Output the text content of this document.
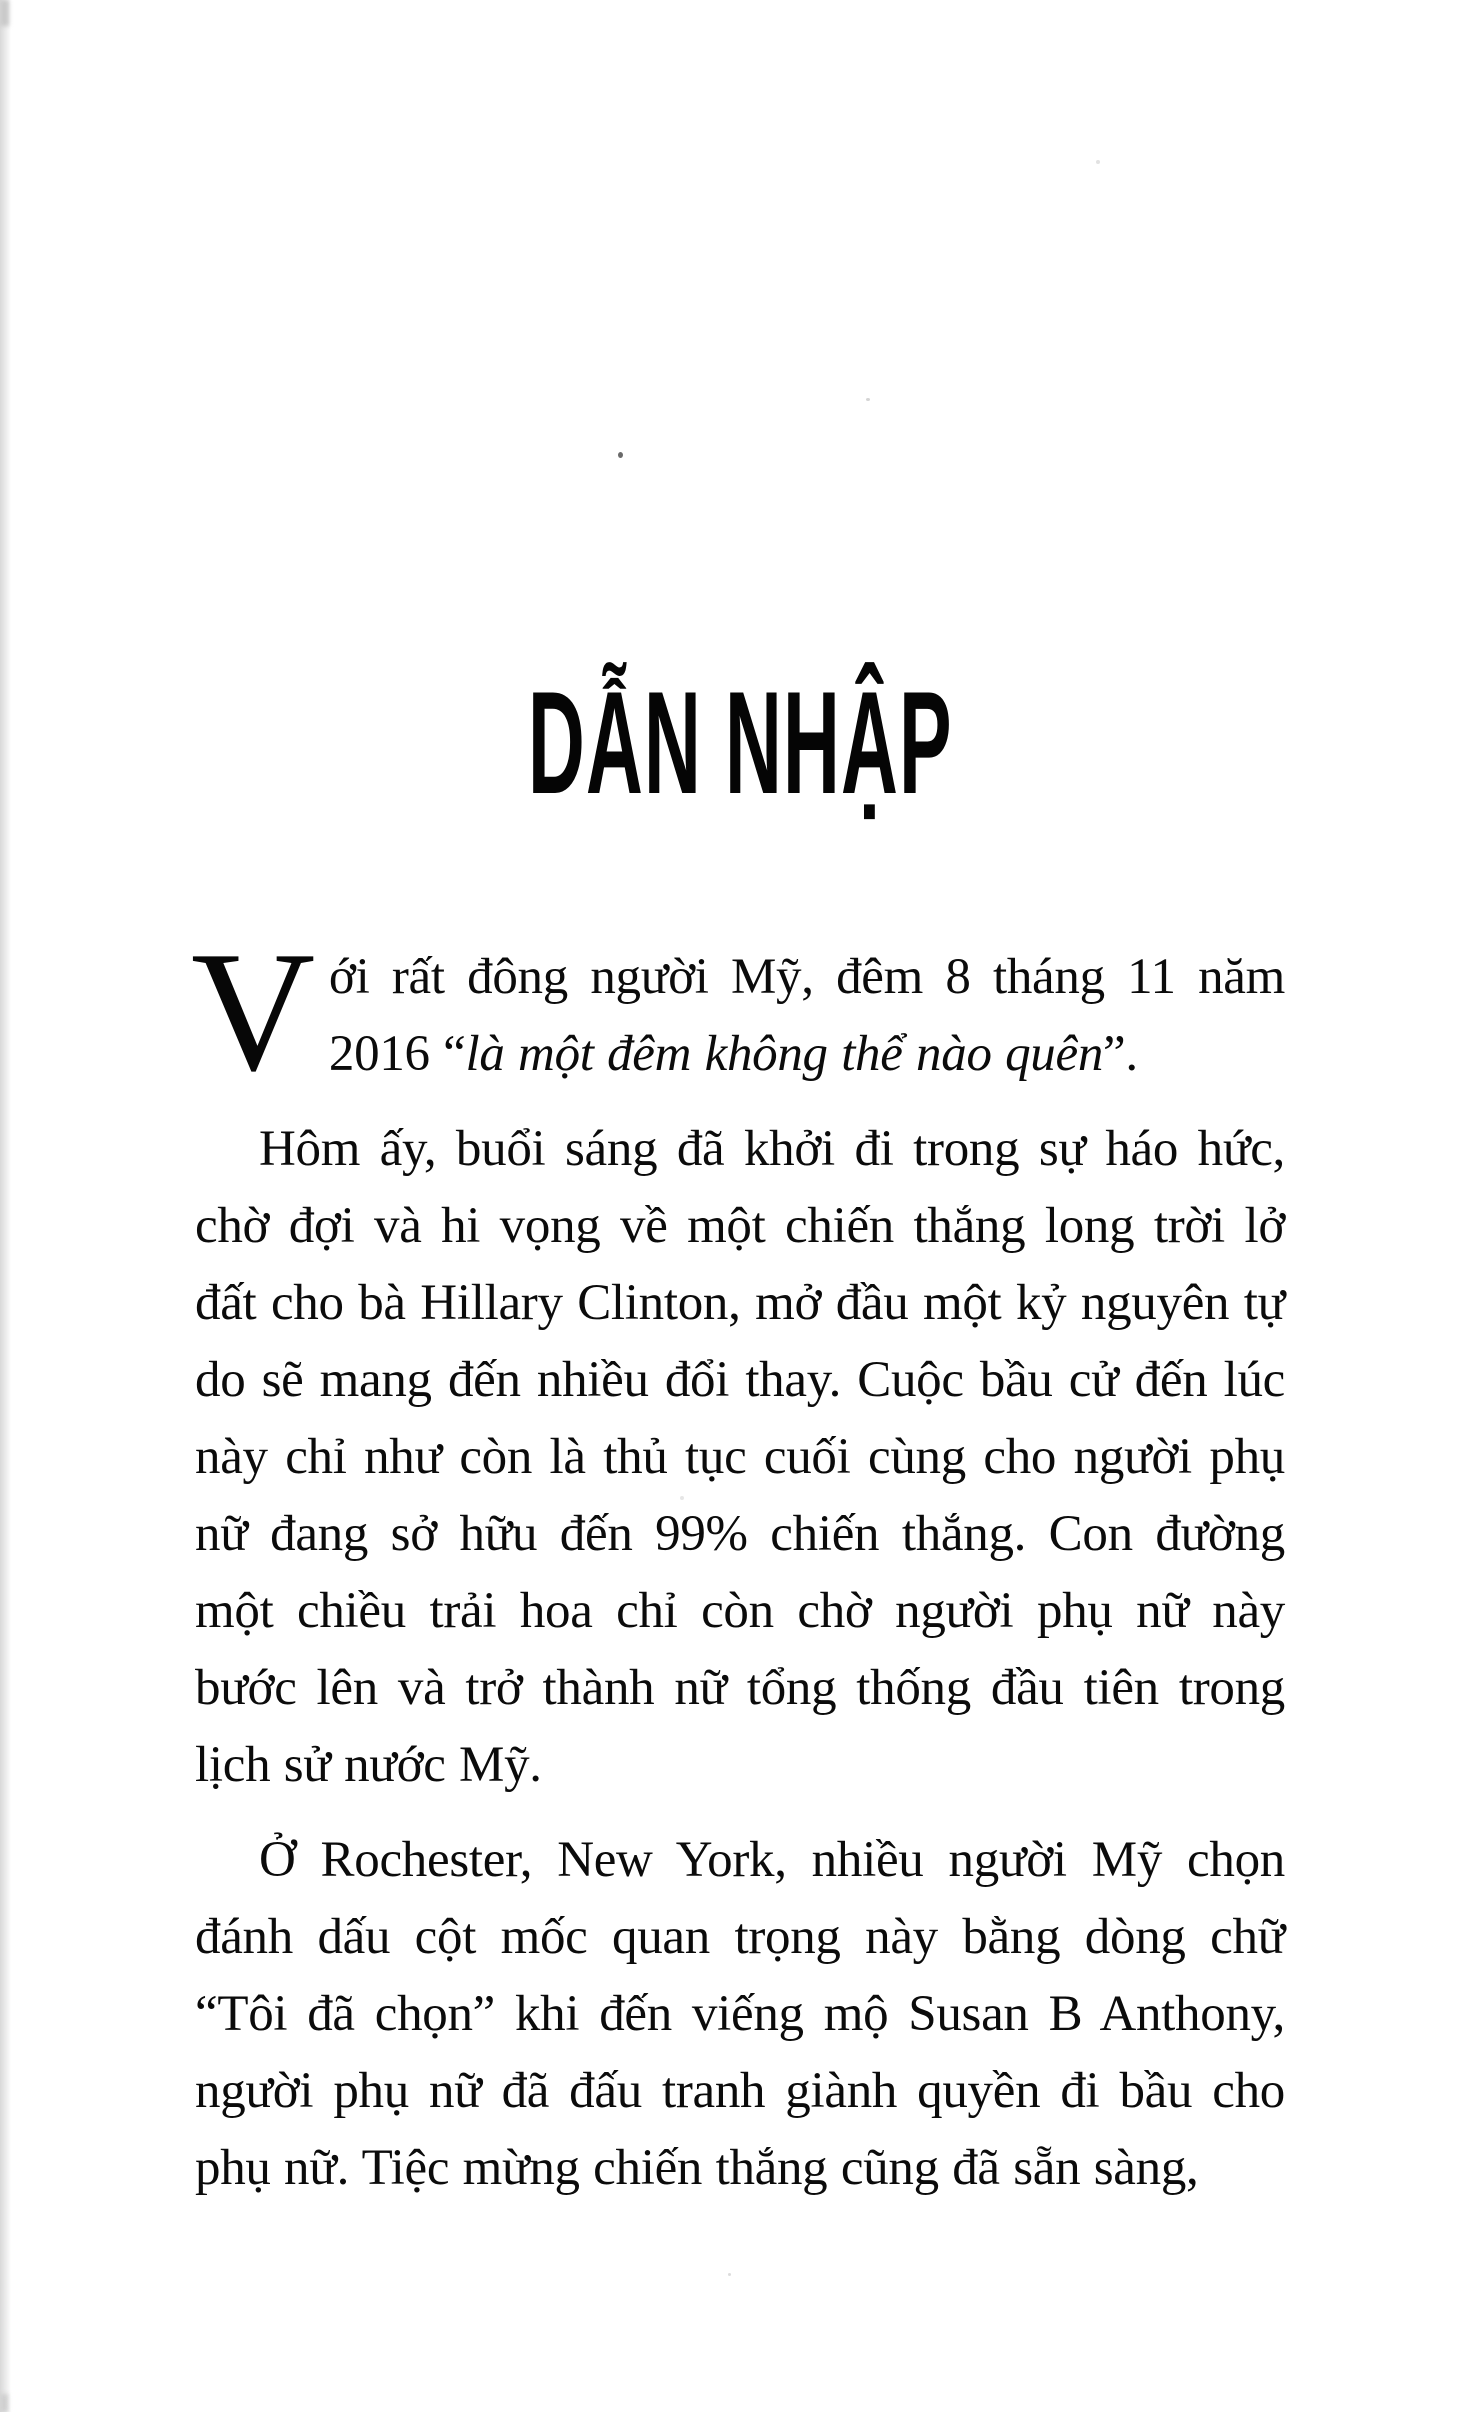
DẪN NHẬP

Với rất đông người Mỹ, đêm 8 tháng 11 năm 2016 “là một đêm không thể nào quên”.

Hôm ấy, buổi sáng đã khởi đi trong sự háo hức, chờ đợi và hi vọng về một chiến thắng long trời lở đất cho bà Hillary Clinton, mở đầu một kỷ nguyên tự do sẽ mang đến nhiều đổi thay. Cuộc bầu cử đến lúc này chỉ như còn là thủ tục cuối cùng cho người phụ nữ đang sở hữu đến 99% chiến thắng. Con đường một chiều trải hoa chỉ còn chờ người phụ nữ này bước lên và trở thành nữ tổng thống đầu tiên trong lịch sử nước Mỹ.

Ở Rochester, New York, nhiều người Mỹ chọn đánh dấu cột mốc quan trọng này bằng dòng chữ “Tôi đã chọn” khi đến viếng mộ Susan B Anthony, người phụ nữ đã đấu tranh giành quyền đi bầu cho phụ nữ. Tiệc mừng chiến thắng cũng đã sẵn sàng,
